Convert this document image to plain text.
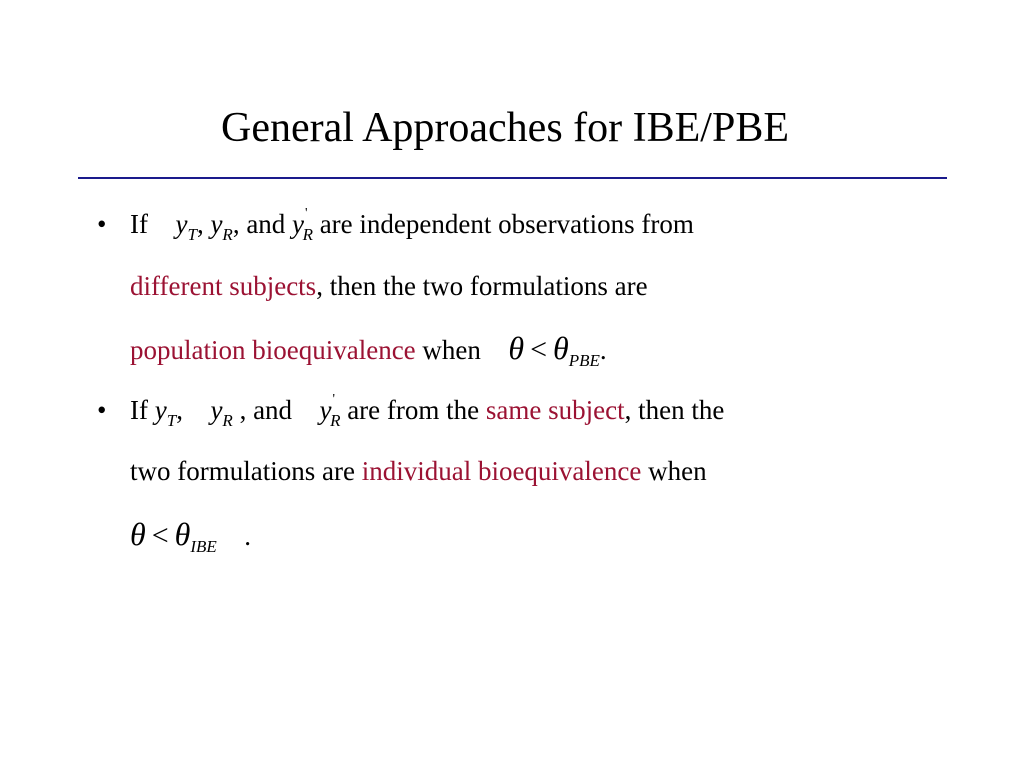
General Approaches for IBE/PBE
• If $y_T$, $y_R$, and $y'_R$ are independent observations from
different subjects, then the two formulations are
population bioequivalence when $\theta < \theta_{PBE}$.
• If $y_T$, $y_R$ , and $y'_R$ are from the same subject, then the
two formulations are individual bioequivalence when
$\theta < \theta_{IBE}$ .
